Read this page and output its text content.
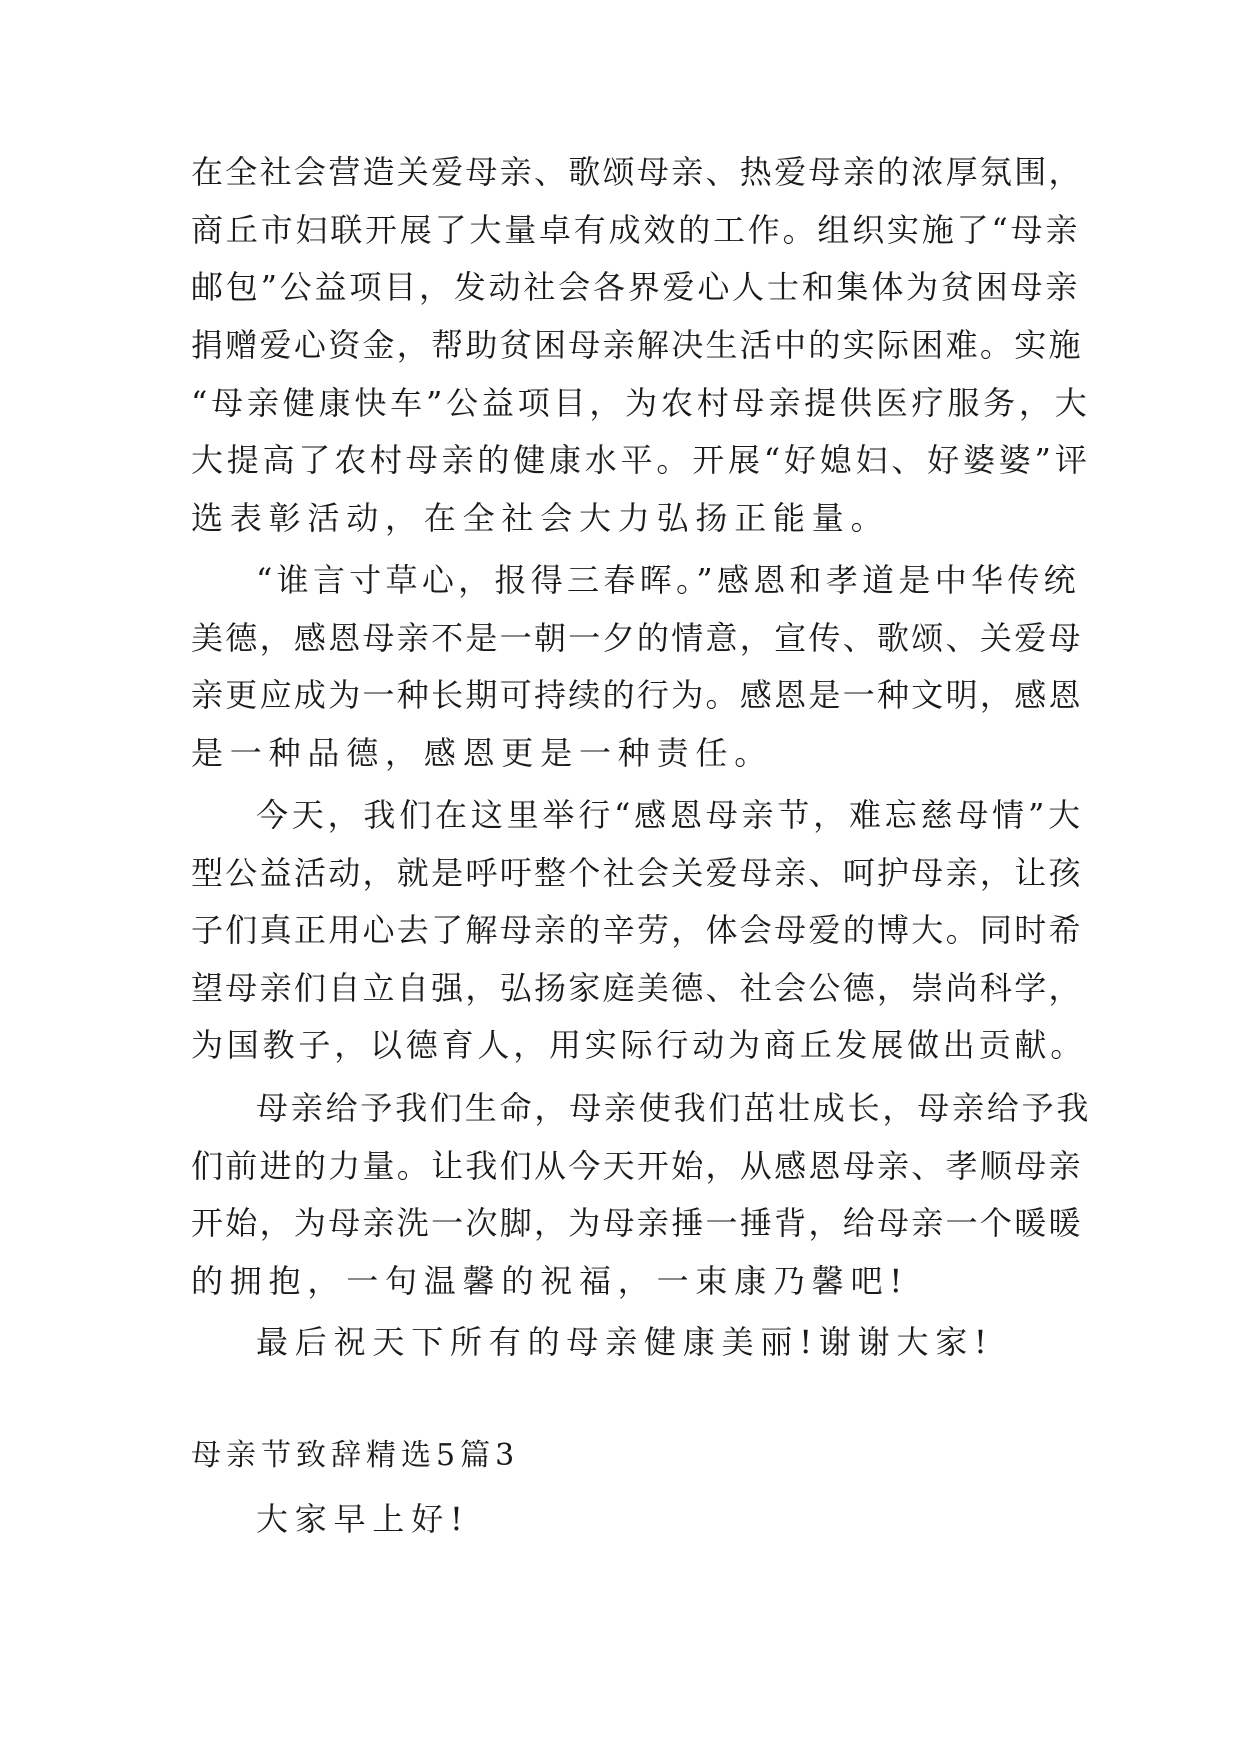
在全社会营造关爱母亲、歌颂母亲、热爱母亲的浓厚氛围，
商丘市妇联开展了大量卓有成效的工作。组织实施了“母亲
邮包”公益项目，发动社会各界爱心人士和集体为贫困母亲
捐赠爱心资金，帮助贫困母亲解决生活中的实际困难。实施
“母亲健康快车”公益项目，为农村母亲提供医疗服务，大
大提高了农村母亲的健康水平。开展“好媳妇、好婆婆”评
选表彰活动，在全社会大力弘扬正能量。
“谁言寸草心，报得三春晖。”感恩和孝道是中华传统
美德，感恩母亲不是一朝一夕的情意，宣传、歌颂、关爱母
亲更应成为一种长期可持续的行为。感恩是一种文明，感恩
是一种品德，感恩更是一种责任。
今天，我们在这里举行“感恩母亲节，难忘慈母情”大
型公益活动，就是呼吁整个社会关爱母亲、呵护母亲，让孩
子们真正用心去了解母亲的辛劳，体会母爱的博大。同时希
望母亲们自立自强，弘扬家庭美德、社会公德，崇尚科学，
为国教子，以德育人，用实际行动为商丘发展做出贡献。
母亲给予我们生命，母亲使我们茁壮成长，母亲给予我
们前进的力量。让我们从今天开始，从感恩母亲、孝顺母亲
开始，为母亲洗一次脚，为母亲捶一捶背，给母亲一个暖暖
的拥抱，一句温馨的祝福，一束康乃馨吧!
最后祝天下所有的母亲健康美丽!谢谢大家!
母亲节致辞精选5篇3
大家早上好!
